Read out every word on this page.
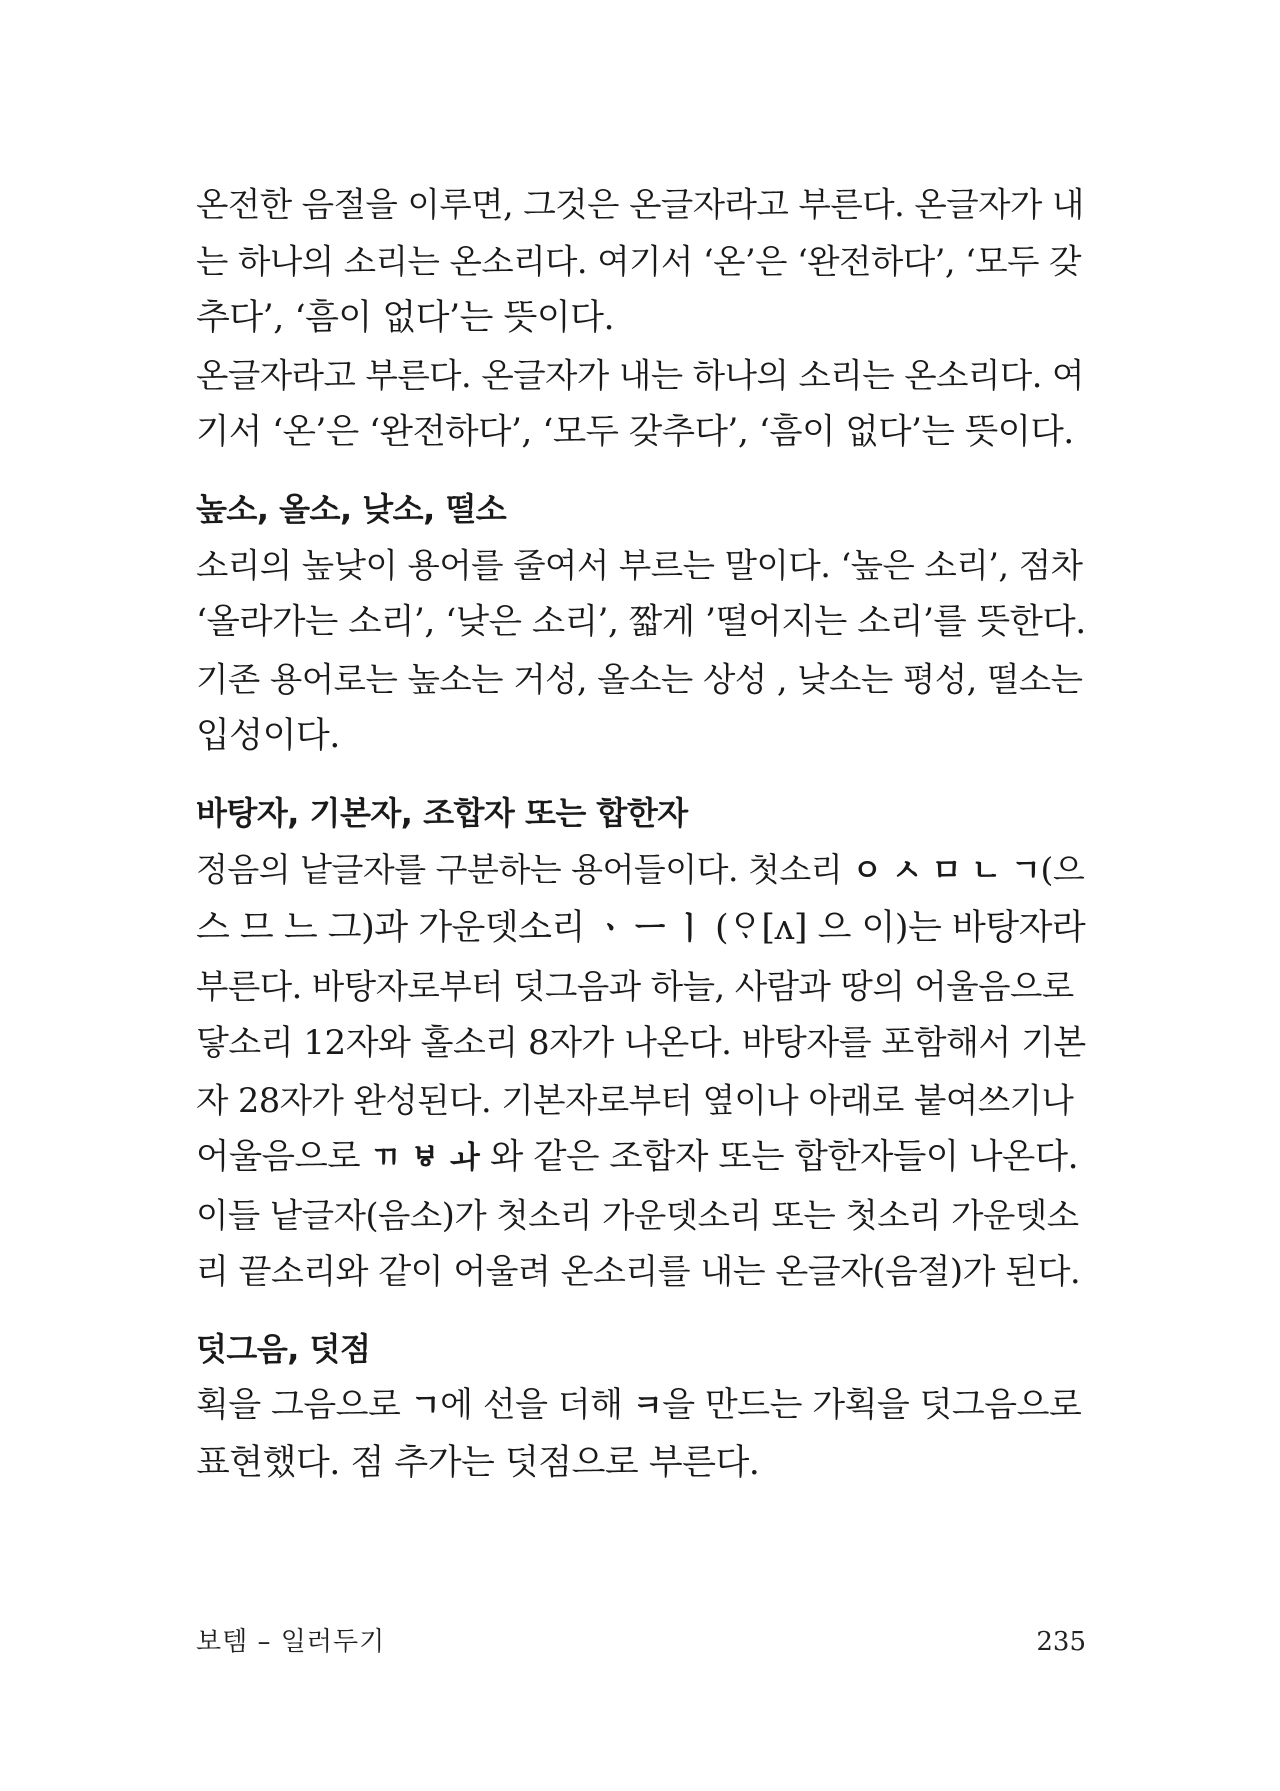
온전한 음절을 이루면, 그것은 온글자라고 부른다. 온글자가 내
는 하나의 소리는 온소리다. 여기서 ‘온’은 ‘완전하다’, ‘모두 갖
추다’, ‘흠이 없다’는 뜻이다.
온글자라고 부른다. 온글자가 내는 하나의 소리는 온소리다. 여
기서 ‘온’은 ‘완전하다’, ‘모두 갖추다’, ‘흠이 없다’는 뜻이다.

높소, 올소, 낮소, 떨소

소리의 높낮이 용어를 줄여서 부르는 말이다. ‘높은 소리’, 점차
‘올라가는 소리’, ‘낮은 소리’, 짧게 ’떨어지는 소리’를 뜻한다.
기존 용어로는 높소는 거성, 올소는 상성 , 낮소는 평성, 떨소는
입성이다.

바탕자, 기본자, 조합자 또는 합한자

정음의 낱글자를 구분하는 용어들이다. 첫소리 ㅇ ㅅ ㅁ ㄴ ㄱ(으
스 므 느 그)과 가운뎃소리 ㆍ ㅡ ㅣ (ᄋᆞ[ʌ] 으 이)는 바탕자라
부른다. 바탕자로부터 덧그음과 하늘, 사람과 땅의 어울음으로
닿소리 12자와 홀소리 8자가 나온다. 바탕자를 포함해서 기본
자 28자가 완성된다. 기본자로부터 옆이나 아래로 붙여쓰기나
어울음으로 ㄲ ㅸ ㅘ 와 같은 조합자 또는 합한자들이 나온다.
이들 낱글자(음소)가 첫소리 가운뎃소리 또는 첫소리 가운뎃소
리 끝소리와 같이 어울려 온소리를 내는 온글자(음절)가 된다.

덧그음, 덧점

획을 그음으로 ㄱ에 선을 더해 ㅋ을 만드는 가획을 덧그음으로
표현했다. 점 추가는 덧점으로 부른다.

보템 – 일러두기	235
